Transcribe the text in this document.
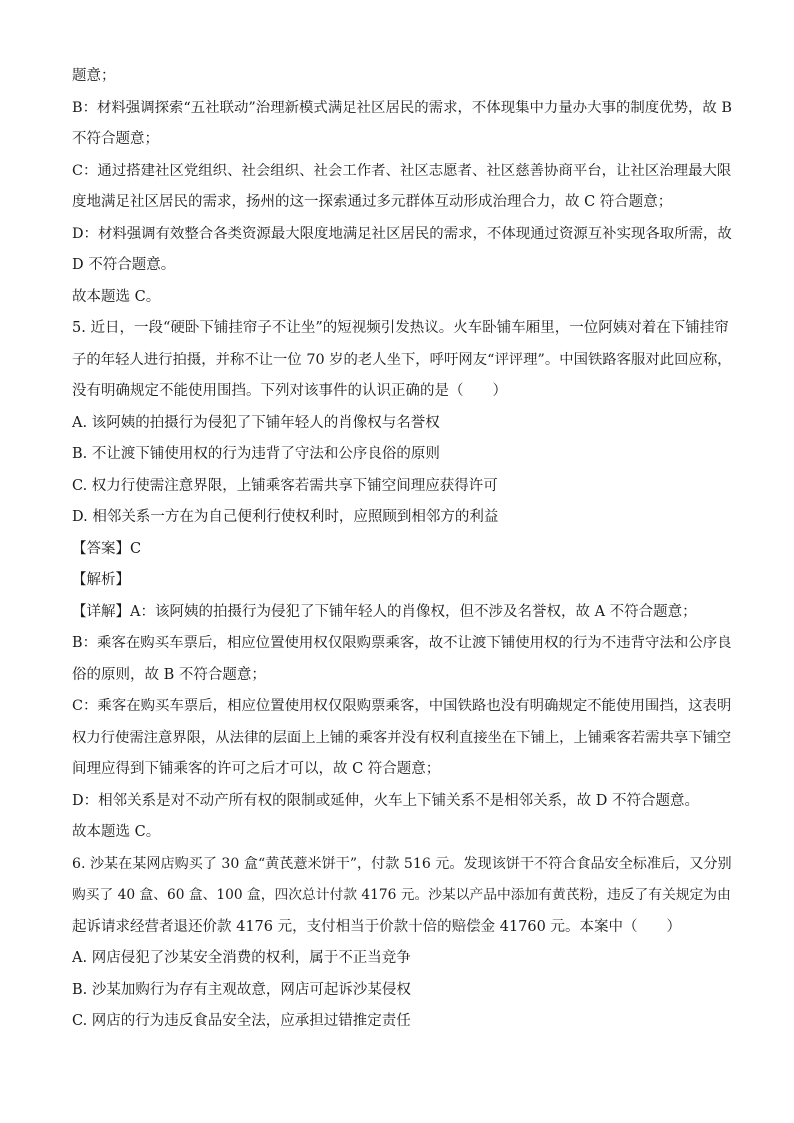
题意；
B：材料强调探索“五社联动”治理新模式满足社区居民的需求，不体现集中力量办大事的制度优势，故 B
不符合题意；
C：通过搭建社区党组织、社会组织、社会工作者、社区志愿者、社区慈善协商平台，让社区治理最大限
度地满足社区居民的需求，扬州的这一探索通过多元群体互动形成治理合力，故 C 符合题意；
D：材料强调有效整合各类资源最大限度地满足社区居民的需求，不体现通过资源互补实现各取所需，故
D 不符合题意。
故本题选 C。
5. 近日，一段“硬卧下铺挂帘子不让坐”的短视频引发热议。火车卧铺车厢里，一位阿姨对着在下铺挂帘
子的年轻人进行拍摄，并称不让一位 70 岁的老人坐下，呼吁网友“评评理”。中国铁路客服对此回应称，
没有明确规定不能使用围挡。下列对该事件的认识正确的是（　　）
A. 该阿姨的拍摄行为侵犯了下铺年轻人的肖像权与名誉权
B. 不让渡下铺使用权的行为违背了守法和公序良俗的原则
C. 权力行使需注意界限，上铺乘客若需共享下铺空间理应获得许可
D. 相邻关系一方在为自己便利行使权利时，应照顾到相邻方的利益
【答案】C
【解析】
【详解】A：该阿姨的拍摄行为侵犯了下铺年轻人的肖像权，但不涉及名誉权，故 A 不符合题意；
B：乘客在购买车票后，相应位置使用权仅限购票乘客，故不让渡下铺使用权的行为不违背守法和公序良
俗的原则，故 B 不符合题意；
C：乘客在购买车票后，相应位置使用权仅限购票乘客，中国铁路也没有明确规定不能使用围挡，这表明
权力行使需注意界限，从法律的层面上上铺的乘客并没有权利直接坐在下铺上，上铺乘客若需共享下铺空
间理应得到下铺乘客的许可之后才可以，故 C 符合题意；
D：相邻关系是对不动产所有权的限制或延伸，火车上下铺关系不是相邻关系，故 D 不符合题意。
故本题选 C。
6. 沙某在某网店购买了 30 盒“黄芪薏米饼干”，付款 516 元。发现该饼干不符合食品安全标准后，又分别
购买了 40 盒、60 盒、100 盒，四次总计付款 4176 元。沙某以产品中添加有黄芪粉，违反了有关规定为由
起诉请求经营者退还价款 4176 元，支付相当于价款十倍的赔偿金 41760 元。本案中（　　）
A. 网店侵犯了沙某安全消费的权利，属于不正当竞争
B. 沙某加购行为存有主观故意，网店可起诉沙某侵权
C. 网店的行为违反食品安全法，应承担过错推定责任
